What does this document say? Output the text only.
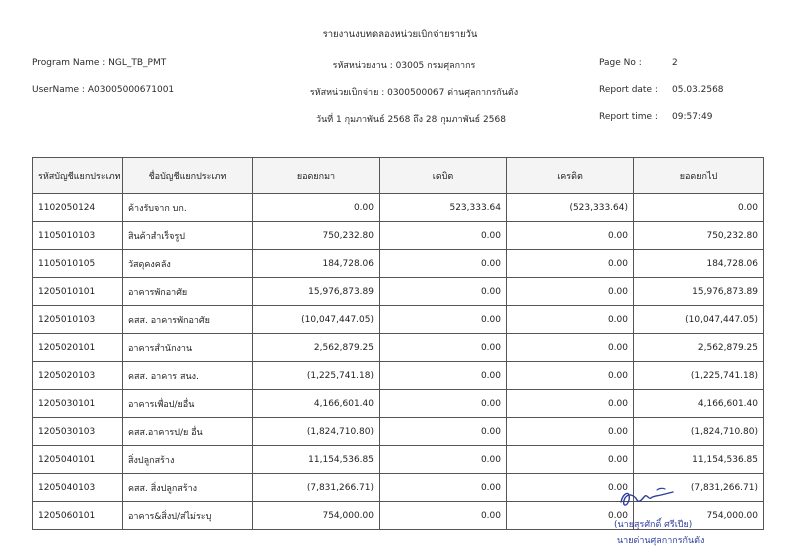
รายงานงบทดลองหน่วยเบิกจ่ายรายวัน
Program Name : NGL_TB_PMT	รหัสหน่วยงาน : 03005 กรมศุลกากร	Page No :	2
UserName : A03005000671001	รหัสหน่วยเบิกจ่าย : 0300500067 ด่านศุลกากรกันตัง	Report date : 05.03.2568
วันที่ 1 กุมภาพันธ์ 2568 ถึง 28 กุมภาพันธ์ 2568	Report time : 09:57:49
รหัสบัญชีแยกประเภท	ชื่อบัญชีแยกประเภท	ยอดยกมา	เดบิต	เครดิต	ยอดยกไป
1102050124	ค้างรับจาก บก.	0.00	523,333.64	(523,333.64)	0.00
1105010103	สินค้าสำเร็จรูป	750,232.80	0.00	0.00	750,232.80
1105010105	วัสดุคงคลัง	184,728.06	0.00	0.00	184,728.06
1205010101	อาคารพักอาศัย	15,976,873.89	0.00	0.00	15,976,873.89
1205010103	คสส. อาคารพักอาศัย	(10,047,447.05)	0.00	0.00	(10,047,447.05)
1205020101	อาคารสำนักงาน	2,562,879.25	0.00	0.00	2,562,879.25
1205020103	คสส. อาคาร สนง.	(1,225,741.18)	0.00	0.00	(1,225,741.18)
1205030101	อาคารเพื่อป/ยอื่น	4,166,601.40	0.00	0.00	4,166,601.40
1205030103	คสส.อาคารป/ย อื่น	(1,824,710.80)	0.00	0.00	(1,824,710.80)
1205040101	สิ่งปลูกสร้าง	11,154,536.85	0.00	0.00	11,154,536.85
1205040103	คสส. สิ่งปลูกสร้าง	(7,831,266.71)	0.00	0.00	(7,831,266.71)
1205060101	อาคาร&สิ่งป/ส่ไม่ระบุ	754,000.00	0.00	0.00	754,000.00
(นายสุรศักดิ์ ศรีเปีย)
นายด่านศุลกากรกันตัง
